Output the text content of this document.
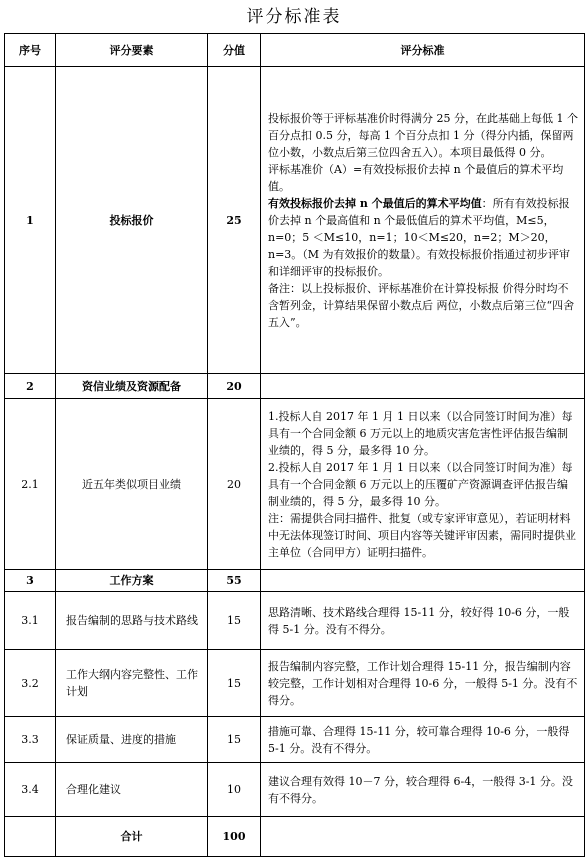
评分标准表
序号	评分要素	分值	评分标准
1	投标报价	25	投标报价等于评标基准价时得满分 25 分，在此基础上每低 1 个百分点扣 0.5 分，每高 1 个百分点扣 1 分（得分内插，保留两位小数，小数点后第三位四舍五入）。本项目最低得 0 分。

评标基准价（A）=有效投标报价去掉 n 个最值后的算术平均值。

有效投标报价去掉 n 个最值后的算术平均值：所有有效投标报价去掉 n 个最高值和 n 个最低值后的算术平均值，M≤5，n=0；5 ＜M≤10，n=1；10＜M≤20，n=2；M＞20，n=3。（M 为有效报价的数量）。有效投标报价指通过初步评审和详细评审的投标报价。

备注：以上投标报价、评标基准价在计算投标报 价得分时均不含暂列金，计算结果保留小数点后 两位，小数点后第三位“四舍五入”。

2	资信业绩及资源配备	20	
2.1	近五年类似项目业绩	20	1.投标人自 2017 年 1 月 1 日以来（以合同签订时间为准）每具有一个合同金额 6 万元以上的地质灾害危害性评估报告编制业绩的，得 5 分，最多得 10 分。

2.投标人自 2017 年 1 月 1 日以来（以合同签订时间为准）每具有一个合同金额 6 万元以上的压覆矿产资源调查评估报告编制业绩的，得 5 分，最多得 10 分。

注：需提供合同扫描件、批复（或专家评审意见），若证明材料中无法体现签订时间、项目内容等关键评审因素，需同时提供业主单位（合同甲方）证明扫描件。

3	工作方案	55	
3.1	报告编制的思路与技术路线	15	思路清晰、技术路线合理得 15-11 分，较好得 10-6 分，一般得 5-1 分。没有不得分。
3.2	工作大纲内容完整性、工作计划	15	报告编制内容完整，工作计划合理得 15-11 分，报告编制内容较完整，工作计划相对合理得 10-6 分，一般得 5-1 分。没有不得分。
3.3	保证质量、进度的措施	15	措施可靠、合理得 15-11 分，较可靠合理得 10-6 分，一般得 5-1 分。没有不得分。
3.4	合理化建议	10	建议合理有效得 10－7 分，较合理得 6-4，一般得 3-1 分。没有不得分。
	合计	100	
